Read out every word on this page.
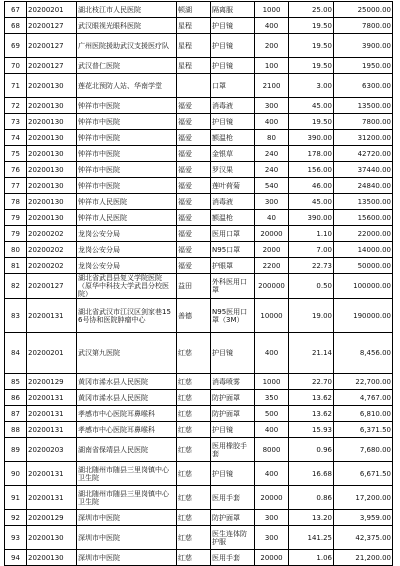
67	20200201	湖北枝江市人民医院	顿湖	隔离服	1000	25.00	25000.00
68	20200127	武汉眼视光眼科医院	星程	护目镜	400	19.50	7800.00
69	20200127	广州医院援助武汉支援医疗队	星程	护目镜	200	19.50	3900.00
70	20200127	武汉普仁医院	星程	护目镜	100	19.50	1950.00
71	20200130	莲花北预防人站、华南学堂		口罩	2100	3.00	6300.00
72	20200130	钟祥市中医院	福爱	消毒液	300	45.00	13500.00
73	20200130	钟祥市中医院	福爱	护目镜	400	19.50	7800.00
74	20200130	钟祥市中医院	福爱	额温枪	80	390.00	31200.00
75	20200130	钟祥市中医院	福爱	金银草	240	178.00	42720.00
76	20200130	钟祥市中医院	福爱	罗汉果	240	156.00	37440.00
77	20200130	钟祥市中医院	福爱	莲叶荷菊	540	46.00	24840.00
78	20200130	钟祥市人民医院	福爱	消毒液	300	45.00	13500.00
79	20200130	钟祥市人民医院	福爱	额温枪	40	390.00	15600.00
79	20200202	龙岗公安分局	福爱	医用口罩	20000	1.10	22000.00
80	20200202	龙岗公安分局	福爱	N95口罩	2000	7.00	14000.00
81	20200202	龙岗公安分局	福爱	护眼罩	2200	22.73	50000.00
82	20200127	湖北省武昌县复义学院医院（原华中科技大学武昌分校医院）	益田	外科医用口罩	200000	0.50	100000.00
83	20200131	湖北省武汉市江汉区剑家巷156号协和医院肿瘤中心	善德	N95医用口罩（3M）	10000	19.00	190000.00
84	20200201	武汉第九医院	红慈	护目镜	400	21.14	8,456.00
85	20200129	黄冈市浠水县人民医院	红慈	消毒喷雾	1000	22.70	22,700.00
86	20200131	黄冈市浠水县人民医院	红慈	防护面罩	350	13.62	4,767.00
87	20200131	孝感市中心医院耳鼻喉科	红慈	防护面罩	500	13.62	6,810.00
88	20200131	孝感市中心医院耳鼻喉科	红慈	护目镜	400	15.93	6,371.50
89	20200203	湖南省保靖县人民医院	红慈	医用橡胶手套	8000	0.96	7,680.00
90	20200131	湖北随州市随县三里岗镇中心卫生院	红慈	护目镜	400	16.68	6,671.50
91	20200131	湖北随州市随县三里岗镇中心卫生院	红慈	医用手套	20000	0.86	17,200.00
92	20200129	深圳市中医院	红慈	防护面罩	300	13.20	3,959.00
93	20200130	深圳市中医院	红慈	医生连体防护服	300	141.25	42,375.00
94	20200130	深圳市中医院	红慈	医用手套	20000	1.06	21,200.00
